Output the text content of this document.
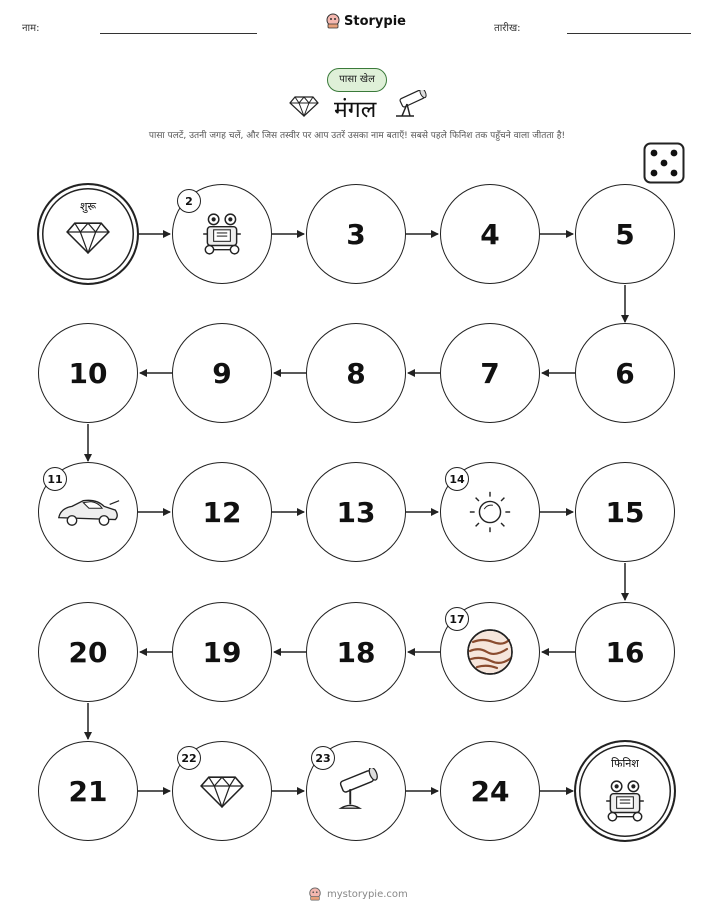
नाम:	Storypie	तारीख:
पासा खेल
मंगल
पासा पलटें, उतनी जगह चलें, और जिस तस्वीर पर आप उतरें उसका नाम बताएँ! सबसे पहले फिनिश तक पहुँचने वाला जीतता है!
शुरू	2
3	4	5
6
7
8
9
10
11
12	13
14
15
16
17
18
19
20
21
22	23
24
फिनिश
mystorypie.com
